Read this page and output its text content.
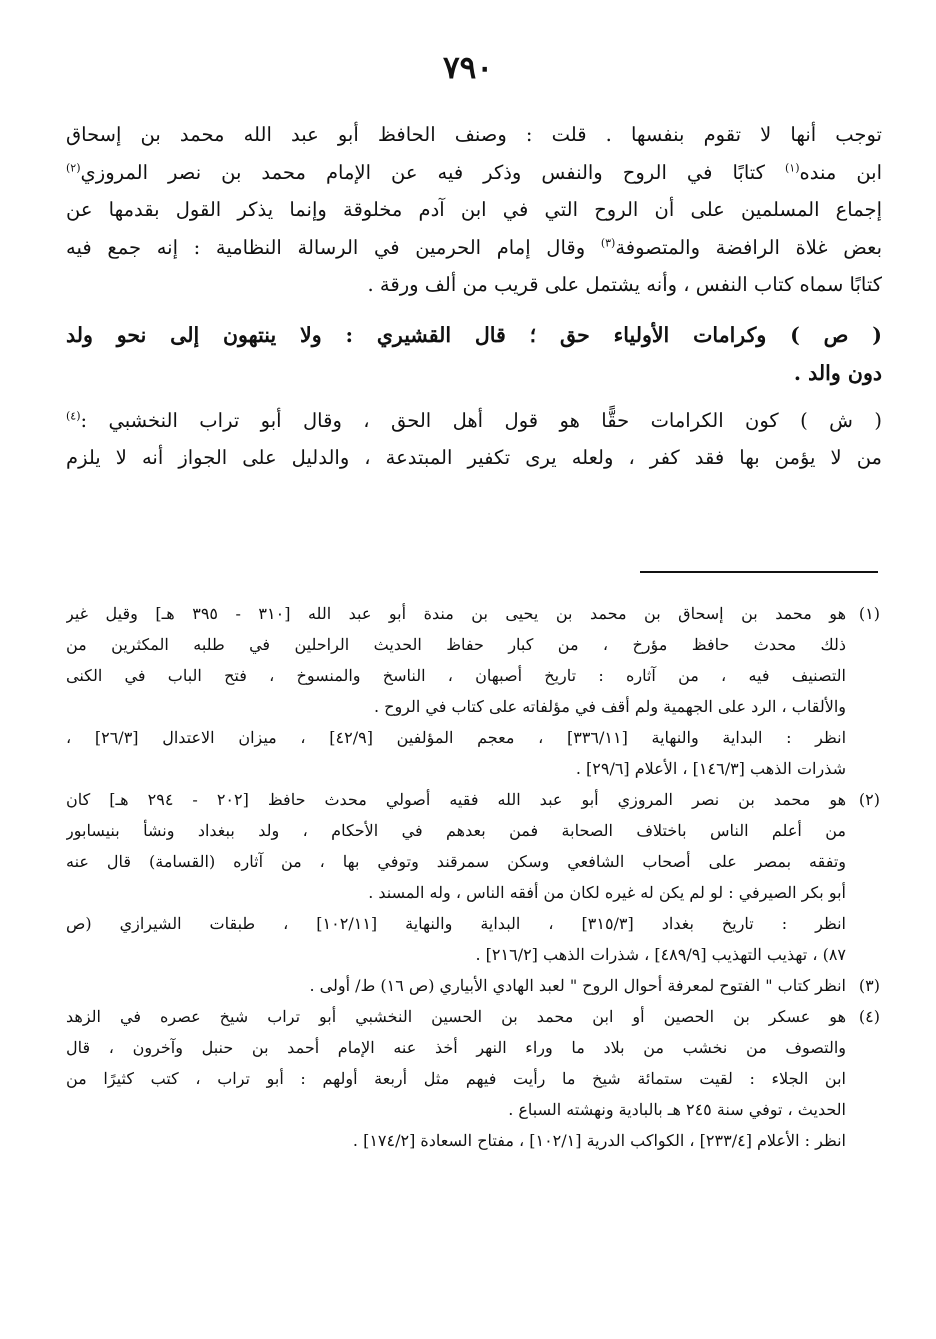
٧٩٠
توجب أنها لا تقوم بنفسها . قلت : وصنف الحافظ أبو عبد الله محمد بن إسحاق
ابن منده$^{(١)}$ كتابًا في الروح والنفس وذكر فيه عن الإمام محمد بن نصر المروزي$^{(٢)}$
إجماع المسلمين على أن الروح التي في ابن آدم مخلوقة وإنما يذكر القول بقدمها عن
بعض غلاة الرافضة والمتصوفة$^{(٣)}$ وقال إمام الحرمين في الرسالة النظامية : إنه جمع فيه
كتابًا سماه كتاب النفس ، وأنه يشتمل على قريب من ألف ورقة .
( ص ) وكرامات الأولياء حق ؛ قال القشيري : ولا ينتهون إلى نحو ولد
دون والد .
( ش ) كون الكرامات حقًّا هو قول أهل الحق ، وقال أبو تراب النخشبي :$^{(٤)}$
من لا يؤمن بها فقد كفر ، ولعله يرى تكفير المبتدعة ، والدليل على الجواز أنه لا يلزم
(١)
هو محمد بن إسحاق بن محمد بن يحيى بن مندة أبو عبد الله [٣١٠ - ٣٩٥ هـ] وقيل غير
ذلك محدث حافظ مؤرخ ، من كبار حفاظ الحديث الراحلين في طلبه المكثرين من
التصنيف فيه ، من آثاره : تاريخ أصبهان ، الناسخ والمنسوخ ، فتح الباب في الكنى
والألقاب ، الرد على الجهمية ولم أقف في مؤلفاته على كتاب في الروح .
انظر : البداية والنهاية [٣٣٦/١١] ، معجم المؤلفين [٤٢/٩] ، ميزان الاعتدال [٢٦/٣] ،
شذرات الذهب [١٤٦/٣] ، الأعلام [٢٩/٦] .
(٢)
هو محمد بن نصر المروزي أبو عبد الله فقيه أصولي محدث حافظ [٢٠٢ - ٢٩٤ هـ] كان
من أعلم الناس باختلاف الصحابة فمن بعدهم في الأحكام ، ولد ببغداد ونشأ بنيسابور
وتفقه بمصر على أصحاب الشافعي وسكن سمرقند وتوفي بها ، من آثاره (القسامة) قال عنه
أبو بكر الصيرفي : لو لم يكن له غيره لكان من أفقه الناس ، وله المسند .
انظر : تاريخ بغداد [٣١٥/٣] ، البداية والنهاية [١٠٢/١١] ، طبقات الشيرازي (ص
٨٧) ، تهذيب التهذيب [٤٨٩/٩] ، شذرات الذهب [٢١٦/٢] .
(٣)
انظر كتاب " الفتوح لمعرفة أحوال الروح " لعبد الهادي الأبياري (ص ١٦) ط/ أولى .
(٤)
هو عسكر بن الحصين أو ابن محمد بن الحسين النخشبي أبو تراب شيخ عصره في الزهد
والتصوف من نخشب من بلاد ما وراء النهر أخذ عنه الإمام أحمد بن حنبل وآخرون ، قال
ابن الجلاء : لقيت ستمائة شيخ ما رأيت فيهم مثل أربعة أولهم : أبو تراب ، كتب كثيرًا من
الحديث ، توفي سنة ٢٤٥ هـ بالبادية ونهشته السباع .
انظر : الأعلام [٢٣٣/٤] ، الكواكب الدرية [١٠٢/١] ، مفتاح السعادة [١٧٤/٢] .
